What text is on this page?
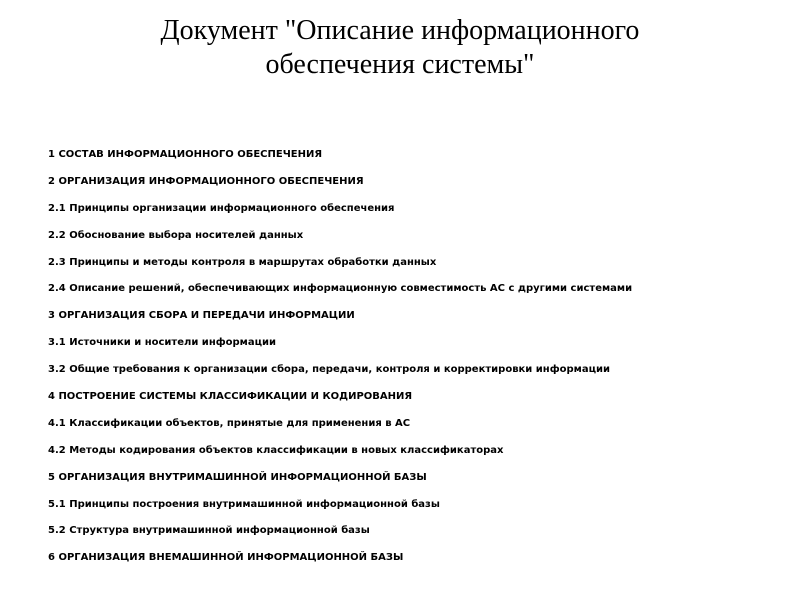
Документ "Описание информационного
обеспечения системы"
1 СОСТАВ ИНФОРМАЦИОННОГО ОБЕСПЕЧЕНИЯ
2 ОРГАНИЗАЦИЯ ИНФОРМАЦИОННОГО ОБЕСПЕЧЕНИЯ
2.1 Принципы организации информационного обеспечения
2.2 Обоснование выбора носителей данных
2.3 Принципы и методы контроля в маршрутах обработки данных
2.4 Описание решений, обеспечивающих информационную совместимость АС с другими системами
3 ОРГАНИЗАЦИЯ СБОРА И ПЕРЕДАЧИ ИНФОРМАЦИИ
3.1 Источники и носители информации
3.2 Общие требования к организации сбора, передачи, контроля и корректировки информации
4 ПОСТРОЕНИЕ СИСТЕМЫ КЛАССИФИКАЦИИ И КОДИРОВАНИЯ
4.1 Классификации объектов, принятые для применения в АС
4.2 Методы кодирования объектов классификации в новых классификаторах
5 ОРГАНИЗАЦИЯ ВНУТРИМАШИННОЙ ИНФОРМАЦИОННОЙ БАЗЫ
5.1 Принципы построения внутримашинной информационной базы
5.2 Структура внутримашинной информационной базы
6 ОРГАНИЗАЦИЯ ВНЕМАШИННОЙ ИНФОРМАЦИОННОЙ БАЗЫ
